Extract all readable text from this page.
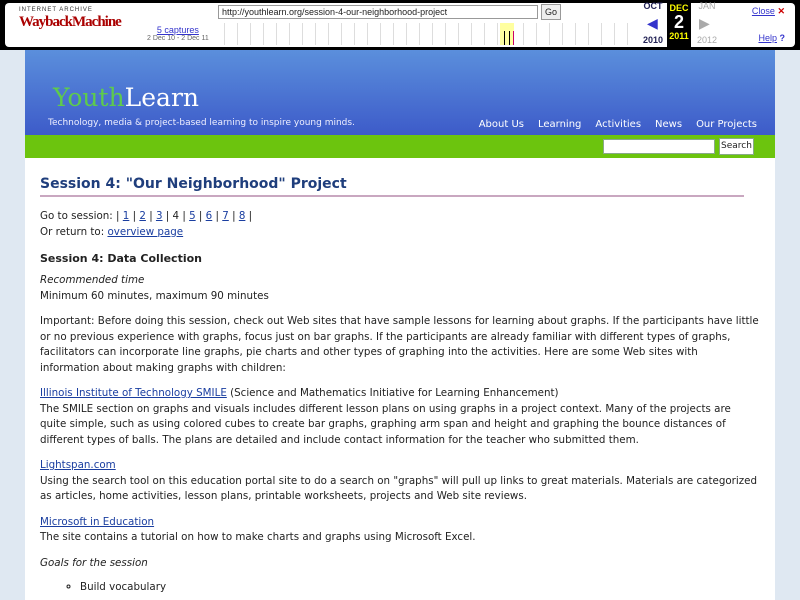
INTERNET ARCHIVE
WaybackMachine
http://youthlearn.org/session-4-our-neighborhood-project	Go
5 captures
2 Dec 10 - 2 Dec 11
OCT
◀
2010
DEC
2
2011
JAN
▶
2012
Close ✕
Help ?
YouthLearn
Technology, media & project-based learning to inspire young minds.	About Us Learning Activities News Our Projects
Search
Session 4: "Our Neighborhood" Project

Go to session: | 1 | 2 | 3 | 4 | 5 | 6 | 7 | 8 |

Or return to: overview page

Session 4: Data Collection

Recommended time

Minimum 60 minutes, maximum 90 minutes

Important: Before doing this session, check out Web sites that have sample lessons for learning about graphs. If the participants have little or no previous experience with graphs, focus just on bar graphs. If the participants are already familiar with different types of graphs, facilitators can incorporate line graphs, pie charts and other types of graphing into the activities. Here are some Web sites with information about making graphs with children:

Illinois Institute of Technology SMILE (Science and Mathematics Initiative for Learning Enhancement)

The SMILE section on graphs and visuals includes different lesson plans on using graphs in a project context. Many of the projects are quite simple, such as using colored cubes to create bar graphs, graphing arm span and height and graphing the bounce distances of different types of balls. The plans are detailed and include contact information for the teacher who submitted them.

Lightspan.com

Using the search tool on this education portal site to do a search on "graphs" will pull up links to great materials. Materials are categorized as articles, home activities, lesson plans, printable worksheets, projects and Web site reviews.

Microsoft in Education

The site contains a tutorial on how to make charts and graphs using Microsoft Excel.

Goals for the session

◦ Build vocabulary
